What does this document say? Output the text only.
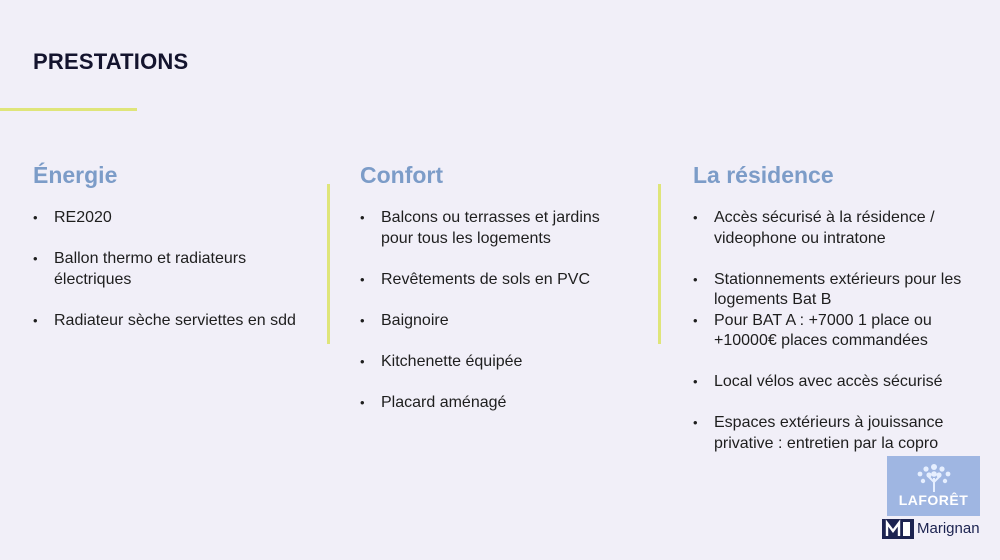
PRESTATIONS
Énergie
• RE2020
• Ballon thermo et radiateurs électriques
• Radiateur sèche serviettes en sdd
Confort
• Balcons ou terrasses et jardins pour tous les logements
• Revêtements de sols en PVC
• Baignoire
• Kitchenette équipée
• Placard aménagé
La résidence
• Accès sécurisé à la résidence / videophone ou intratone
• Stationnements extérieurs pour les logements Bat B
• Pour BAT A : +7000 1 place ou +10000€ places commandées
• Local vélos avec accès sécurisé
• Espaces extérieurs à jouissance privative : entretien par la copro
LAFORÊT
Marignan
